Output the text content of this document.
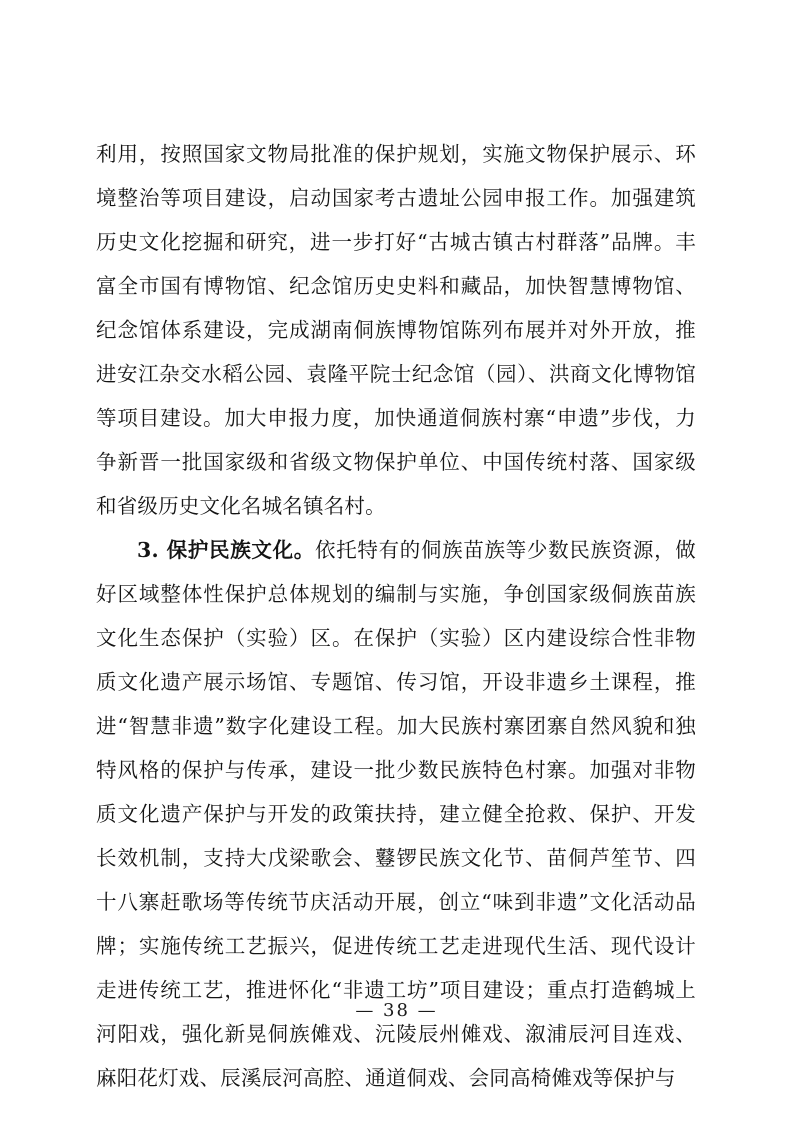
利用，按照国家文物局批准的保护规划，实施文物保护展示、环境整治等项目建设，启动国家考古遗址公园申报工作。加强建筑历史文化挖掘和研究，进一步打好“古城古镇古村群落”品牌。丰富全市国有博物馆、纪念馆历史史料和藏品，加快智慧博物馆、纪念馆体系建设，完成湖南侗族博物馆陈列布展并对外开放，推进安江杂交水稻公园、袁隆平院士纪念馆（园）、洪商文化博物馆等项目建设。加大申报力度，加快通道侗族村寨“申遗”步伐，力争新晋一批国家级和省级文物保护单位、中国传统村落、国家级和省级历史文化名城名镇名村。

3. 保护民族文化。依托特有的侗族苗族等少数民族资源，做好区域整体性保护总体规划的编制与实施，争创国家级侗族苗族文化生态保护（实验）区。在保护（实验）区内建设综合性非物质文化遗产展示场馆、专题馆、传习馆，开设非遗乡土课程，推进“智慧非遗”数字化建设工程。加大民族村寨团寨自然风貌和独特风格的保护与传承，建设一批少数民族特色村寨。加强对非物质文化遗产保护与开发的政策扶持，建立健全抢救、保护、开发长效机制，支持大戊梁歌会、鼟锣民族文化节、苗侗芦笙节、四十八寨赶歌场等传统节庆活动开展，创立“味到非遗”文化活动品牌；实施传统工艺振兴，促进传统工艺走进现代生活、现代设计走进传统工艺，推进怀化“非遗工坊”项目建设；重点打造鹤城上河阳戏，强化新晃侗族傩戏、沅陵辰州傩戏、溆浦辰河目连戏、麻阳花灯戏、辰溪辰河高腔、通道侗戏、会同高椅傩戏等保护与

— 38 —
